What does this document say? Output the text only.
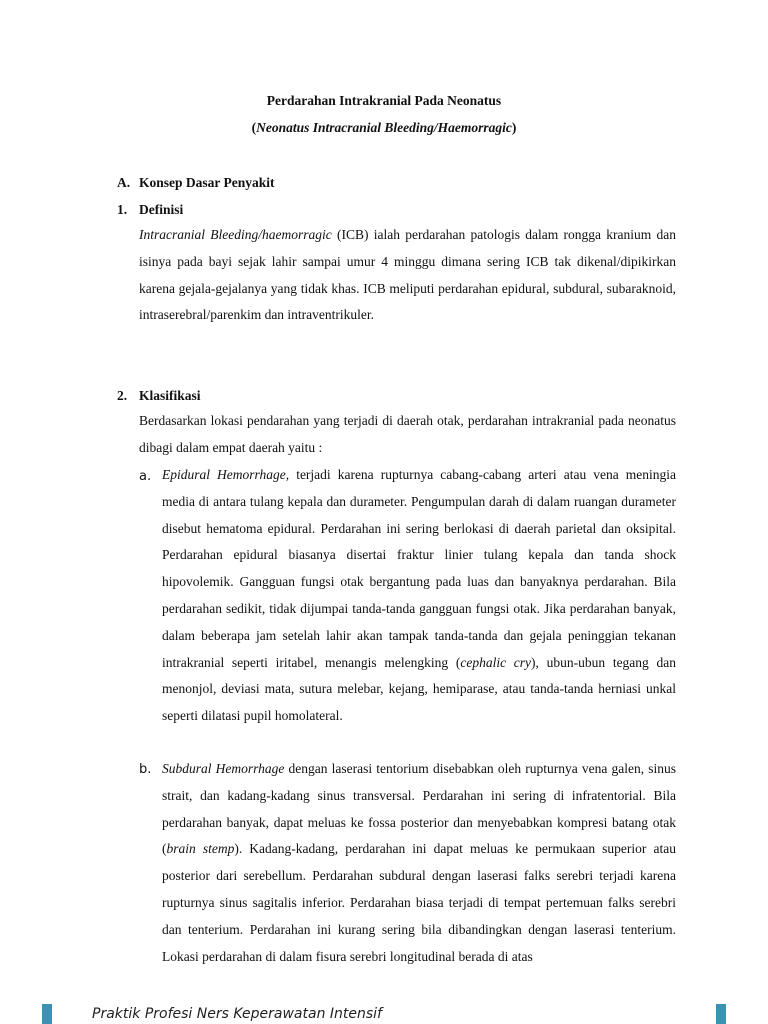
Perdarahan Intrakranial Pada Neonatus
(Neonatus Intracranial Bleeding/Haemorragic)
A. Konsep Dasar Penyakit
1. Definisi

Intracranial Bleeding/haemorragic (ICB) ialah perdarahan patologis dalam rongga kranium dan isinya pada bayi sejak lahir sampai umur 4 minggu dimana sering ICB tak dikenal/dipikirkan karena gejala-gejalanya yang tidak khas. ICB meliputi perdarahan epidural, subdural, subaraknoid, intraserebral/parenkim dan intraventrikuler.

2. Klasifikasi

Berdasarkan lokasi pendarahan yang terjadi di daerah otak, perdarahan intrakranial pada neonatus dibagi dalam empat daerah yaitu :

a. Epidural Hemorrhage, terjadi karena rupturnya cabang-cabang arteri atau vena meningia media di antara tulang kepala dan durameter. Pengumpulan darah di dalam ruangan durameter disebut hematoma epidural. Perdarahan ini sering berlokasi di daerah parietal dan oksipital. Perdarahan epidural biasanya disertai fraktur linier tulang kepala dan tanda shock hipovolemik. Gangguan fungsi otak bergantung pada luas dan banyaknya perdarahan. Bila perdarahan sedikit, tidak dijumpai tanda-tanda gangguan fungsi otak. Jika perdarahan banyak, dalam beberapa jam setelah lahir akan tampak tanda-tanda dan gejala peninggian tekanan intrakranial seperti iritabel, menangis melengking (cephalic cry), ubun-ubun tegang dan menonjol, deviasi mata, sutura melebar, kejang, hemiparase, atau tanda-tanda herniasi unkal seperti dilatasi pupil homolateral.

b. Subdural Hemorrhage dengan laserasi tentorium disebabkan oleh rupturnya vena galen, sinus strait, dan kadang-kadang sinus transversal. Perdarahan ini sering di infratentorial. Bila perdarahan banyak, dapat meluas ke fossa posterior dan menyebabkan kompresi batang otak (brain stemp). Kadang-kadang, perdarahan ini dapat meluas ke permukaan superior atau posterior dari serebellum. Perdarahan subdural dengan laserasi falks serebri terjadi karena rupturnya sinus sagitalis inferior. Perdarahan biasa terjadi di tempat pertemuan falks serebri dan tenterium. Perdarahan ini kurang sering bila dibandingkan dengan laserasi tenterium. Lokasi perdarahan di dalam fisura serebri longitudinal berada di atas

Praktik Profesi Ners Keperawatan Intensif
